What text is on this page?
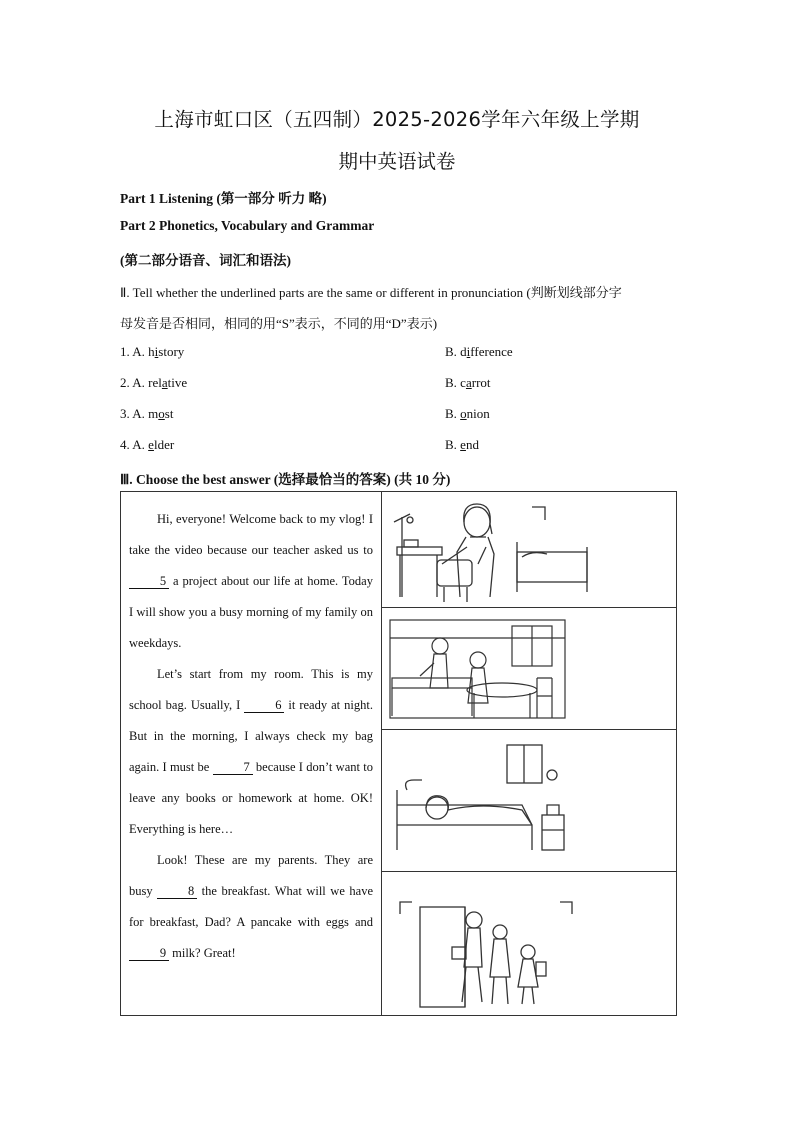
上海市虹口区（五四制）2025-2026学年六年级上学期
期中英语试卷
Part 1 Listening (第一部分 听力 略)
Part 2 Phonetics, Vocabulary and Grammar
(第二部分语音、词汇和语法)
Ⅱ. Tell whether the underlined parts are the same or different in pronunciation (判断划线部分字
母发音是否相同，相同的用“S”表示，不同的用“D”表示)
1. A. history	B. difference
2. A. relative	B. carrot
3. A. most	B. onion
4. A. elder	B. end
Ⅲ. Choose the best answer (选择最恰当的答案) (共 10 分)

Hi, everyone! Welcome back to my vlog! I take the video because our teacher asked us to 5 a project about our life at home. Today I will show you a busy morning of my family on weekdays.

Let’s start from my room. This is my school bag. Usually, I 6 it ready at night. But in the morning, I always check my bag again. I must be 7 because I don’t want to leave any books or homework at home. OK! Everything is here…

Look! These are my parents. They are busy 8 the breakfast. What will we have for breakfast, Dad? A pancake with eggs and 9 milk? Great!
